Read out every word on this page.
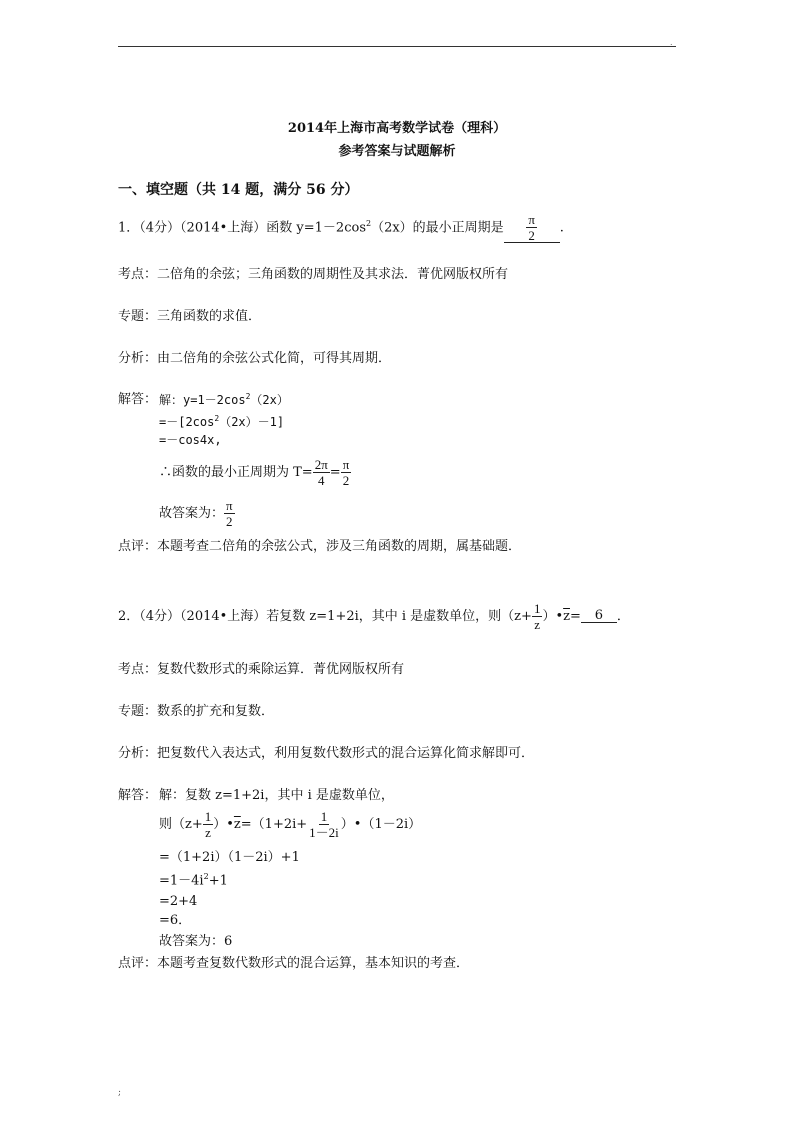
.
2014年上海市高考数学试卷（理科）
参考答案与试题解析
一、填空题（共 14 题，满分 56 分）
1．（4分）（2014•上海）函数 $y=1-2\cos^2(2x)$的最小正周期是 $\frac{\pi}{2}$ .
考点：二倍角的余弦；三角函数的周期性及其求法．菁优网版权所有
专题：三角函数的求值．
分析：由二倍角的余弦公式化简，可得其周期．
解答： 解：$y=1-2\cos^2(2x)$
$=-[2\cos^2(2x)-1]$
=－cos4x,
∴函数的最小正周期为 $T= \frac{2\pi}{4} = \frac{\pi}{2}$
故答案为： $\frac{\pi}{2}$
点评：本题考查二倍角的余弦公式，涉及三角函数的周期，属基础题．
2．（4分）（2014•上海）若复数 z=1+2i，其中 i 是虚数单位，则（$z+ \frac{1}{z}$ ）• $\overline{z}$ =	6	．
考点：复数代数形式的乘除运算．菁优网版权所有
专题：数系的扩充和复数．
分析：把复数代入表达式，利用复数代数形式的混合运算化简求解即可．
解答： 解：复数 z=1+2i，其中 i 是虚数单位，
则（$z+ \frac{1}{z}$ ）• $\overline{z} =(1+2i+ \frac{1}{1-2i}$ ）•（1－2i）
=（1+2i）（1－2i）+1
$=1-4i^2+1$
=2+4
=6．
故答案为：6
点评：本题考查复数代数形式的混合运算，基本知识的考查．
;
